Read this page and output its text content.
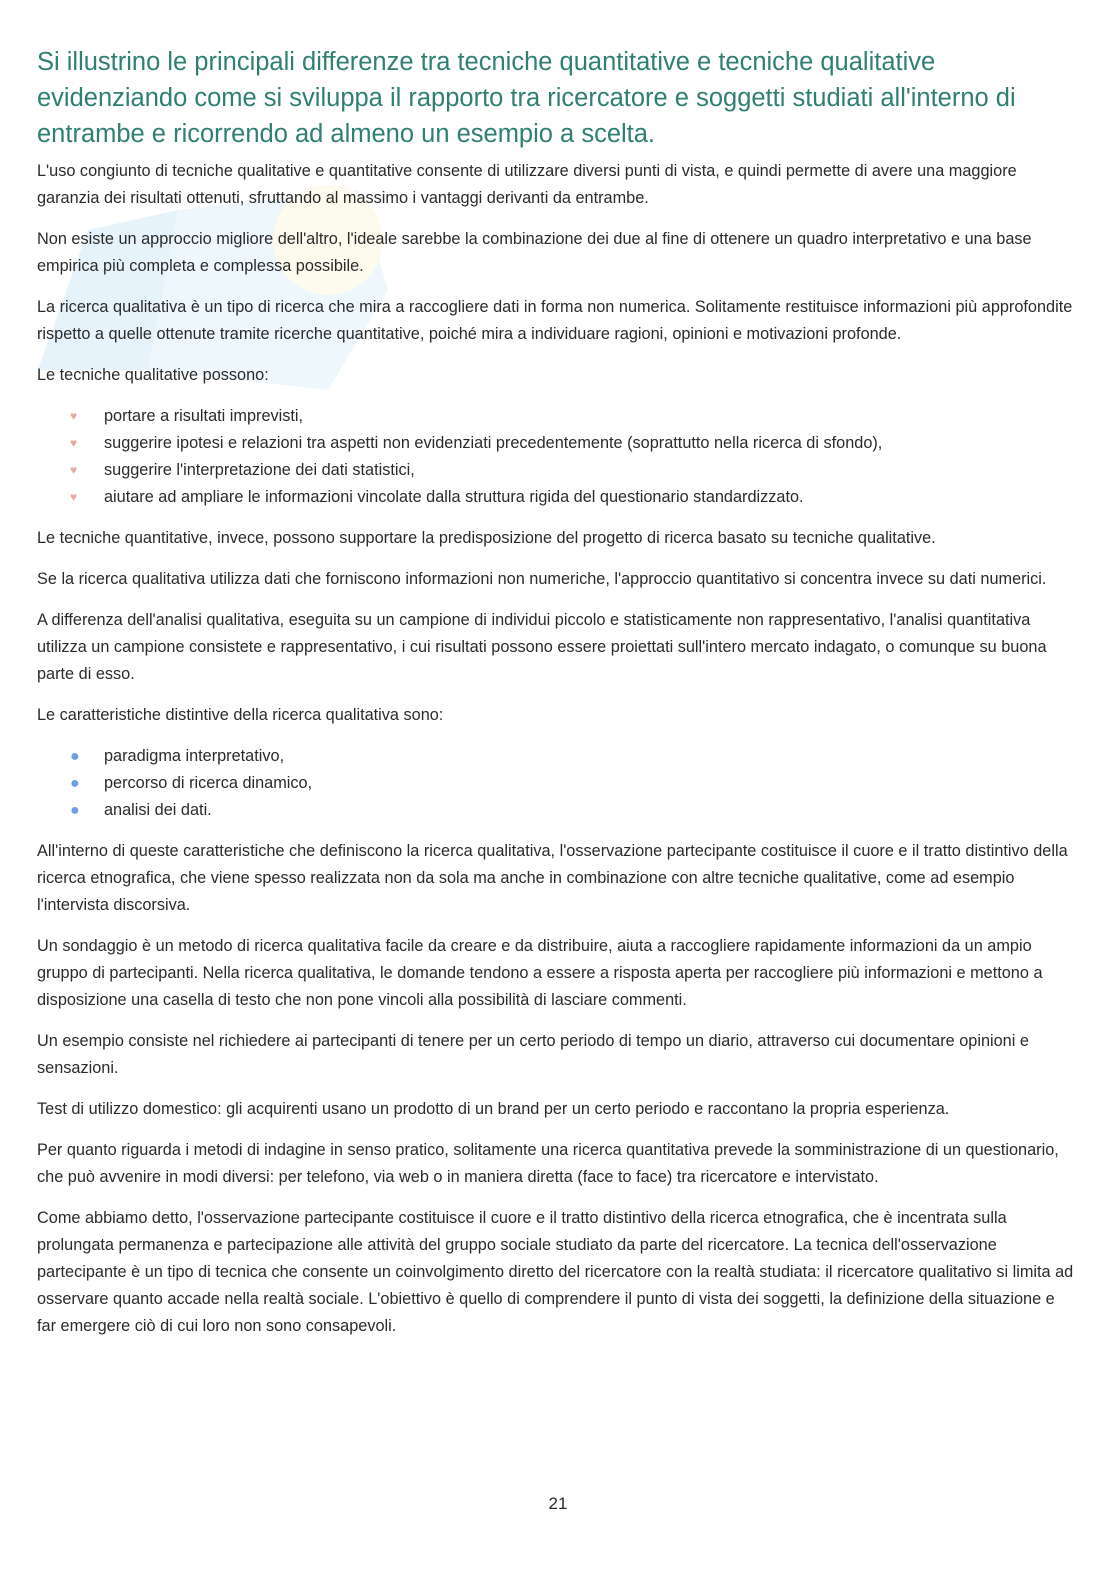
Si illustrino le principali differenze tra tecniche quantitative e tecniche qualitative evidenziando come si sviluppa il rapporto tra ricercatore e soggetti studiati all'interno di entrambe e ricorrendo ad almeno un esempio a scelta.

L'uso congiunto di tecniche qualitative e quantitative consente di utilizzare diversi punti di vista, e quindi permette di avere una maggiore garanzia dei risultati ottenuti, sfruttando al massimo i vantaggi derivanti da entrambe.

Non esiste un approccio migliore dell'altro, l'ideale sarebbe la combinazione dei due al fine di ottenere un quadro interpretativo e una base empirica più completa e complessa possibile.

La ricerca qualitativa è un tipo di ricerca che mira a raccogliere dati in forma non numerica. Solitamente restituisce informazioni più approfondite rispetto a quelle ottenute tramite ricerche quantitative, poiché mira a individuare ragioni, opinioni e motivazioni profonde.

Le tecniche qualitative possono:

♥ portare a risultati imprevisti,
♥ suggerire ipotesi e relazioni tra aspetti non evidenziati precedentemente (soprattutto nella ricerca di sfondo),
♥ suggerire l'interpretazione dei dati statistici,
♥ aiutare ad ampliare le informazioni vincolate dalla struttura rigida del questionario standardizzato.

Le tecniche quantitative, invece, possono supportare la predisposizione del progetto di ricerca basato su tecniche qualitative.

Se la ricerca qualitativa utilizza dati che forniscono informazioni non numeriche, l'approccio quantitativo si concentra invece su dati numerici.

A differenza dell'analisi qualitativa, eseguita su un campione di individui piccolo e statisticamente non rappresentativo, l'analisi quantitativa utilizza un campione consistete e rappresentativo, i cui risultati possono essere proiettati sull'intero mercato indagato, o comunque su buona parte di esso.

Le caratteristiche distintive della ricerca qualitativa sono:

● paradigma interpretativo,
● percorso di ricerca dinamico,
● analisi dei dati.

All'interno di queste caratteristiche che definiscono la ricerca qualitativa, l'osservazione partecipante costituisce il cuore e il tratto distintivo della ricerca etnografica, che viene spesso realizzata non da sola ma anche in combinazione con altre tecniche qualitative, come ad esempio l'intervista discorsiva.

Un sondaggio è un metodo di ricerca qualitativa facile da creare e da distribuire, aiuta a raccogliere rapidamente informazioni da un ampio gruppo di partecipanti. Nella ricerca qualitativa, le domande tendono a essere a risposta aperta per raccogliere più informazioni e mettono a disposizione una casella di testo che non pone vincoli alla possibilità di lasciare commenti.

Un esempio consiste nel richiedere ai partecipanti di tenere per un certo periodo di tempo un diario, attraverso cui documentare opinioni e sensazioni.

Test di utilizzo domestico: gli acquirenti usano un prodotto di un brand per un certo periodo e raccontano la propria esperienza.

Per quanto riguarda i metodi di indagine in senso pratico, solitamente una ricerca quantitativa prevede la somministrazione di un questionario, che può avvenire in modi diversi: per telefono, via web o in maniera diretta (face to face) tra ricercatore e intervistato.

Come abbiamo detto, l'osservazione partecipante costituisce il cuore e il tratto distintivo della ricerca etnografica, che è incentrata sulla prolungata permanenza e partecipazione alle attività del gruppo sociale studiato da parte del ricercatore. La tecnica dell'osservazione partecipante è un tipo di tecnica che consente un coinvolgimento diretto del ricercatore con la realtà studiata: il ricercatore qualitativo si limita ad osservare quanto accade nella realtà sociale. L'obiettivo è quello di comprendere il punto di vista dei soggetti, la definizione della situazione e far emergere ciò di cui loro non sono consapevoli.

21
